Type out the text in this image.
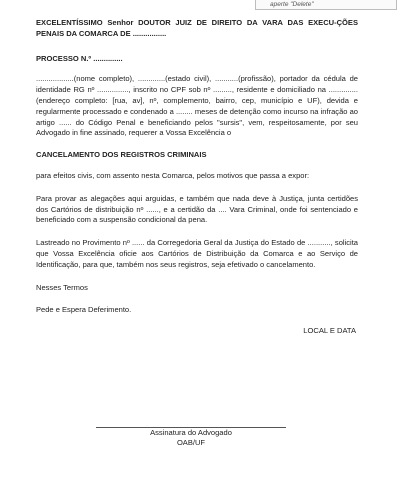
aperte "Delete"

EXCELENTÍSSIMO Senhor DOUTOR JUIZ DE DIREITO DA VARA DAS EXECU-ÇÕES PENAIS DA COMARCA DE ................

PROCESSO N.º ..............

..................(nome completo), .............(estado civil), ...........(profissão), portador da cédula de identidade RG nº ..............., inscrito no CPF sob nº ........., residente e domiciliado na ..............(endereço completo: [rua, av], nº, complemento, bairro, cep, município e UF), devida e regularmente processado e condenado a ........ meses de detenção como incurso na infração ao artigo ...... do Código Penal e beneficiando pelos "sursis", vem, respeitosamente, por seu Advogado in fine assinado, requerer a Vossa Excelência o

CANCELAMENTO DOS REGISTROS CRIMINAIS

para efeitos civis, com assento nesta Comarca, pelos motivos que passa a expor:

Para provar as alegações aqui arguidas, e também que nada deve à Justiça, junta certidões dos Cartórios de distribuição nº ......, e a certidão da .... Vara Criminal, onde foi sentenciado e beneficiado com a suspensão condicional da pena.

Lastreado no Provimento nº ...... da Corregedoria Geral da Justiça do Estado de ..........., solicita que Vossa Excelência oficie aos Cartórios de Distribuição da Comarca e ao Serviço de Identificação, para que, também nos seus registros, seja efetivado o cancelamento.

Nesses Termos

Pede e Espera Deferimento.

LOCAL E DATA

Assinatura do Advogado
OAB/UF
